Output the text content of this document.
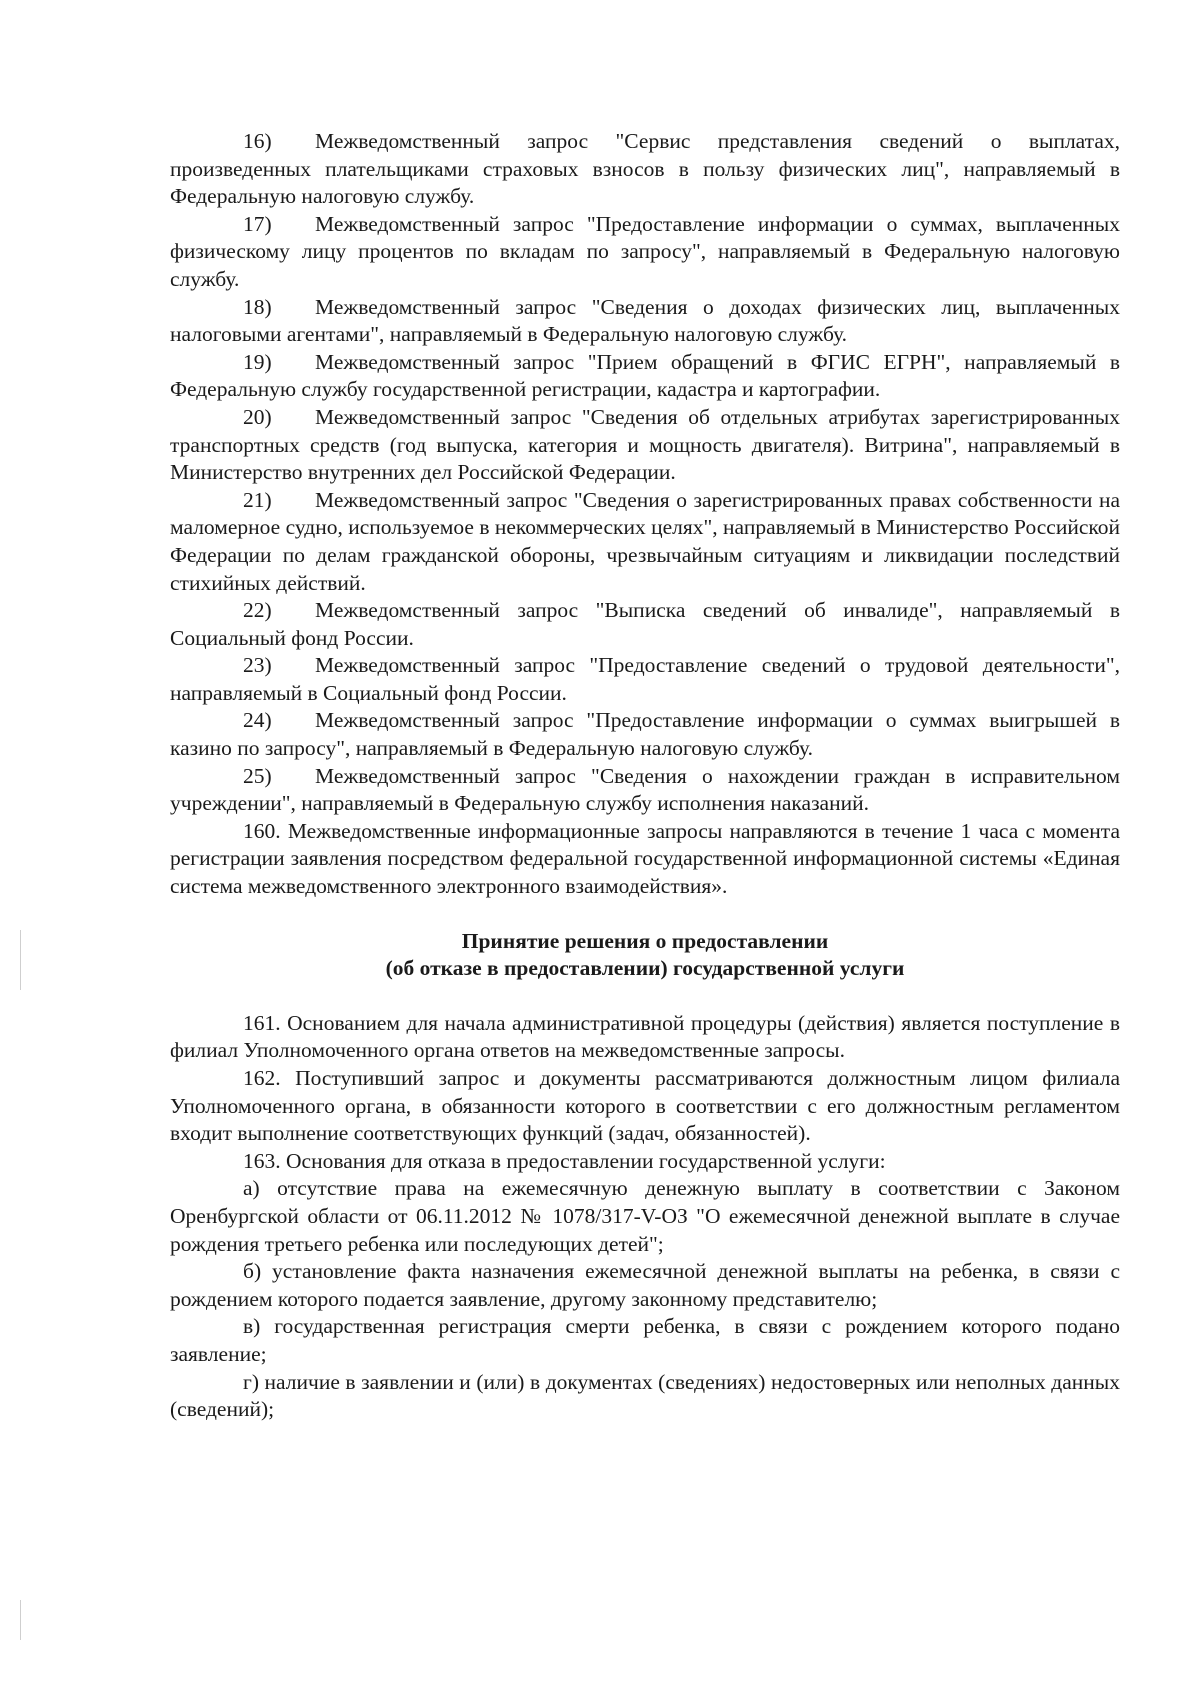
16) Межведомственный запрос "Сервис представления сведений о выплатах, произведенных плательщиками страховых взносов в пользу физических лиц", направляемый в Федеральную налоговую службу.

17) Межведомственный запрос "Предоставление информации о суммах, выплаченных физическому лицу процентов по вкладам по запросу", направляемый в Федеральную налоговую службу.

18) Межведомственный запрос "Сведения о доходах физических лиц, выплаченных налоговыми агентами", направляемый в Федеральную налоговую службу.

19) Межведомственный запрос "Прием обращений в ФГИС ЕГРН", направляемый в Федеральную службу государственной регистрации, кадастра и картографии.

20) Межведомственный запрос "Сведения об отдельных атрибутах зарегистрированных транспортных средств (год выпуска, категория и мощность двигателя). Витрина", направляемый в Министерство внутренних дел Российской Федерации.

21) Межведомственный запрос "Сведения о зарегистрированных правах собственности на маломерное судно, используемое в некоммерческих целях", направляемый в Министерство Российской Федерации по делам гражданской обороны, чрезвычайным ситуациям и ликвидации последствий стихийных действий.

22) Межведомственный запрос "Выписка сведений об инвалиде", направляемый в Социальный фонд России.

23) Межведомственный запрос "Предоставление сведений о трудовой деятельности", направляемый в Социальный фонд России.

24) Межведомственный запрос "Предоставление информации о суммах выигрышей в казино по запросу", направляемый в Федеральную налоговую службу.

25) Межведомственный запрос "Сведения о нахождении граждан в исправительном учреждении", направляемый в Федеральную службу исполнения наказаний.

160. Межведомственные информационные запросы направляются в течение 1 часа с момента регистрации заявления посредством федеральной государственной информационной системы «Единая система межведомственного электронного взаимодействия».

Принятие решения о предоставлении

(об отказе в предоставлении) государственной услуги

161. Основанием для начала административной процедуры (действия) является поступление в филиал Уполномоченного органа ответов на межведомственные запросы.

162. Поступивший запрос и документы рассматриваются должностным лицом филиала Уполномоченного органа, в обязанности которого в соответствии с его должностным регламентом входит выполнение соответствующих функций (задач, обязанностей).

163. Основания для отказа в предоставлении государственной услуги:

а) отсутствие права на ежемесячную денежную выплату в соответствии с Законом Оренбургской области от 06.11.2012 № 1078/317-V-ОЗ "О ежемесячной денежной выплате в случае рождения третьего ребенка или последующих детей";

б) установление факта назначения ежемесячной денежной выплаты на ребенка, в связи с рождением которого подается заявление, другому законному представителю;

в) государственная регистрация смерти ребенка, в связи с рождением которого подано заявление;

г) наличие в заявлении и (или) в документах (сведениях) недостоверных или неполных данных (сведений);
